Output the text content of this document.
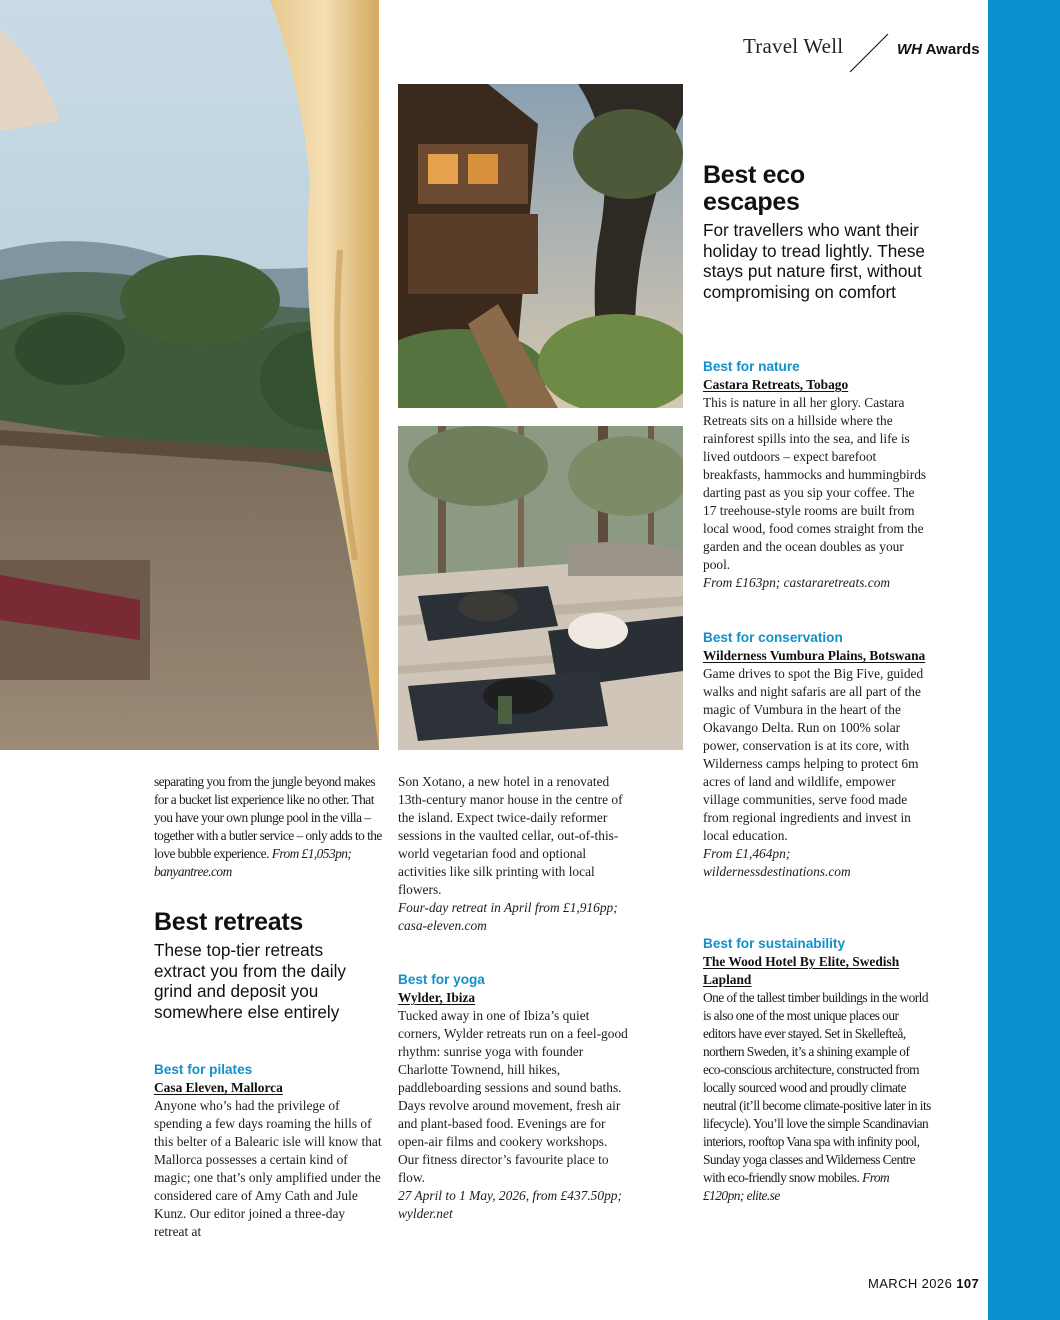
Travel Well	WH Awards

separating you from the jungle beyond makes for a bucket list experience like no other. That you have your own plunge pool in the villa – together with a butler service – only adds to the love bubble experience. From £1,053pn; banyantree.com

Best retreats
These top-tier retreats extract you from the daily grind and deposit you somewhere else entirely
Best for pilates
Casa Eleven, Mallorca
Anyone who’s had the privilege of spending a few days roaming the hills of this belter of a Balearic isle will know that Mallorca possesses a certain kind of magic; one that’s only amplified under the considered care of Amy Cath and Jule Kunz. Our editor joined a three-day retreat at

Son Xotano, a new hotel in a renovated 13th-century manor house in the centre of the island. Expect twice-daily reformer sessions in the vaulted cellar, out-of-this-world vegetarian food and optional activities like silk printing with local flowers.

Four-day retreat in April from £1,916pp; casa-eleven.com

Best for yoga
Wylder, Ibiza
Tucked away in one of Ibiza’s quiet corners, Wylder retreats run on a feel-good rhythm: sunrise yoga with founder Charlotte Townend, hill hikes, paddleboarding sessions and sound baths. Days revolve around movement, fresh air and plant-based food. Evenings are for open-air films and cookery workshops. Our fitness director’s favourite place to flow.
27 April to 1 May, 2026, from £437.50pp; wylder.net
Best eco escapes
For travellers who want their holiday to tread lightly. These stays put nature first, without compromising on comfort
Best for nature
Castara Retreats, Tobago
This is nature in all her glory. Castara Retreats sits on a hillside where the rainforest spills into the sea, and life is lived outdoors – expect barefoot breakfasts, hammocks and hummingbirds darting past as you sip your coffee. The 17 treehouse-style rooms are built from local wood, food comes straight from the garden and the ocean doubles as your pool.
From £163pn; castararetreats.com
Best for conservation
Wilderness Vumbura Plains, Botswana
Game drives to spot the Big Five, guided walks and night safaris are all part of the magic of Vumbura in the heart of the Okavango Delta. Run on 100% solar power, conservation is at its core, with Wilderness camps helping to protect 6m acres of land and wildlife, empower village communities, serve food made from regional ingredients and invest in local education.
From £1,464pn; wildernessdestinations.com
Best for sustainability
The Wood Hotel By Elite, Swedish Lapland
One of the tallest timber buildings in the world is also one of the most unique places our editors have ever stayed. Set in Skellefteå, northern Sweden, it’s a shining example of eco-conscious architecture, constructed from locally sourced wood and proudly climate neutral (it’ll become climate-positive later in its lifecycle). You’ll love the simple Scandinavian interiors, rooftop Vana spa with infinity pool, Sunday yoga classes and Wilderness Centre with eco-friendly snow mobiles. From £120pn; elite.se
MARCH 2026 107
